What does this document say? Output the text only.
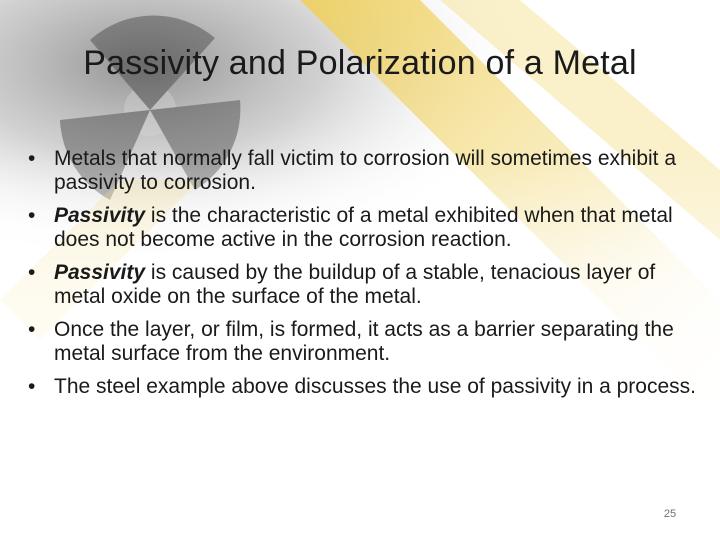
Passivity and Polarization of a Metal
• Metals that normally fall victim to corrosion will sometimes exhibit a passivity to corrosion.
• Passivity is the characteristic of a metal exhibited when that metal does not become active in the corrosion reaction.
• Passivity is caused by the buildup of a stable, tenacious layer of metal oxide on the surface of the metal.
• Once the layer, or film, is formed, it acts as a barrier separating the metal surface from the environment.
• The steel example above discusses the use of passivity in a process.
25
